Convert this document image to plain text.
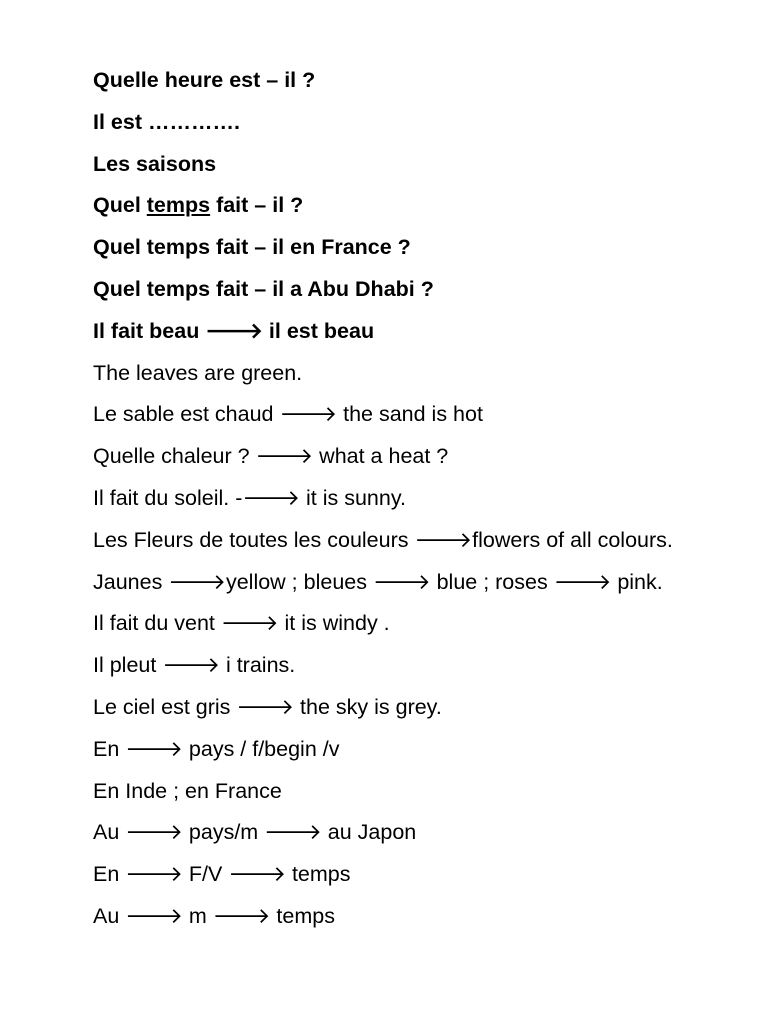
Quelle heure est – il ?
Il est ………….
Les saisons
Quel temps fait – il ?
Quel temps fait – il en France ?
Quel temps fait – il a Abu Dhabi ?
Il fait beau 🡒 il est beau
The leaves are green.
Le sable est chaud 🡒 the sand is hot
Quelle chaleur ? 🡒 what a heat ?
Il fait du soleil. -🡒 it is sunny.
Les Fleurs de toutes les couleurs 🡒flowers of all colours.
Jaunes 🡒yellow ; bleues 🡒 blue ; roses 🡒 pink.
Il fait du vent 🡒 it is windy .
Il pleut 🡒 i trains.
Le ciel est gris 🡒 the sky is grey.
En 🡒 pays / f/begin /v
En Inde ; en France
Au 🡒 pays/m 🡒 au Japon
En 🡒 F/V 🡒 temps
Au 🡒 m 🡒 temps
